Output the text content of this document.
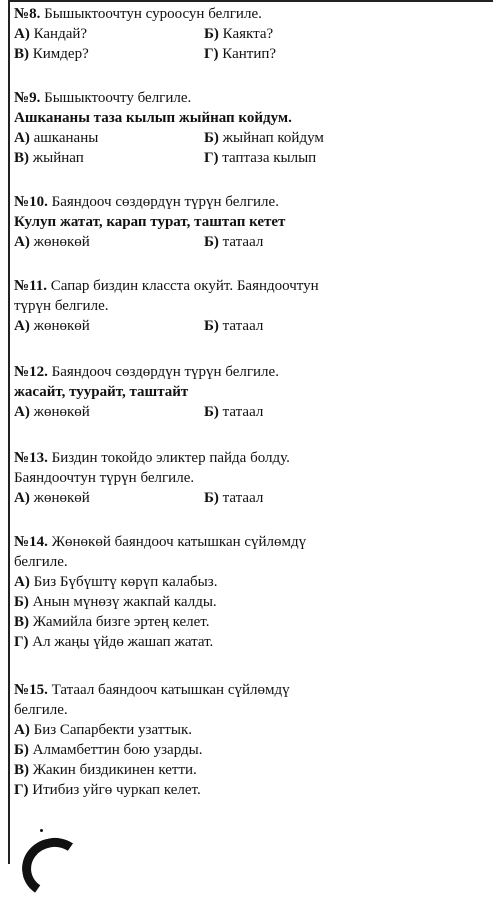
№8. Бышыктоочтун суроосун белгиле.
А) Кандай?	Б) Каякта?
В) Кимдер?	Г) Кантип?
№9. Бышыктоочту белгиле.
Ашкананы таза кылып жыйнап койдум.
А) ашкананы	Б) жыйнап койдум
В) жыйнап	Г) таптаза кылып
№10. Баяндооч сөздөрдүн түрүн белгиле.
Кулуп жатат, карап турат, таштап кетет
А) жөнөкөй	Б) татаал
№11. Сапар биздин класста окуйт. Баяндоочтун
түрүн белгиле.
А) жөнөкөй	Б) татаал
№12. Баяндооч сөздөрдүн түрүн белгиле.
жасайт, туурайт, таштайт
А) жөнөкөй	Б) татаал
№13. Биздин токойдо эликтер пайда болду.
Баяндоочтун түрүн белгиле.
А) жөнөкөй	Б) татаал
№14. Жөнөкөй баяндооч катышкан сүйлөмдү
белгиле.
А) Биз Бүбүштү көрүп калабыз.
Б) Анын мүнөзү жакпай калды.
В) Жамийла бизге эртең келет.
Г) Ал жаңы үйдө жашап жатат.
№15. Татаал баяндооч катышкан сүйлөмдү
белгиле.
А) Биз Сапарбекти узаттык.
Б) Алмамбеттин бою узарды.
В) Жакин биздикинен кетти.
Г) Итибиз уйгө чуркап келет.
